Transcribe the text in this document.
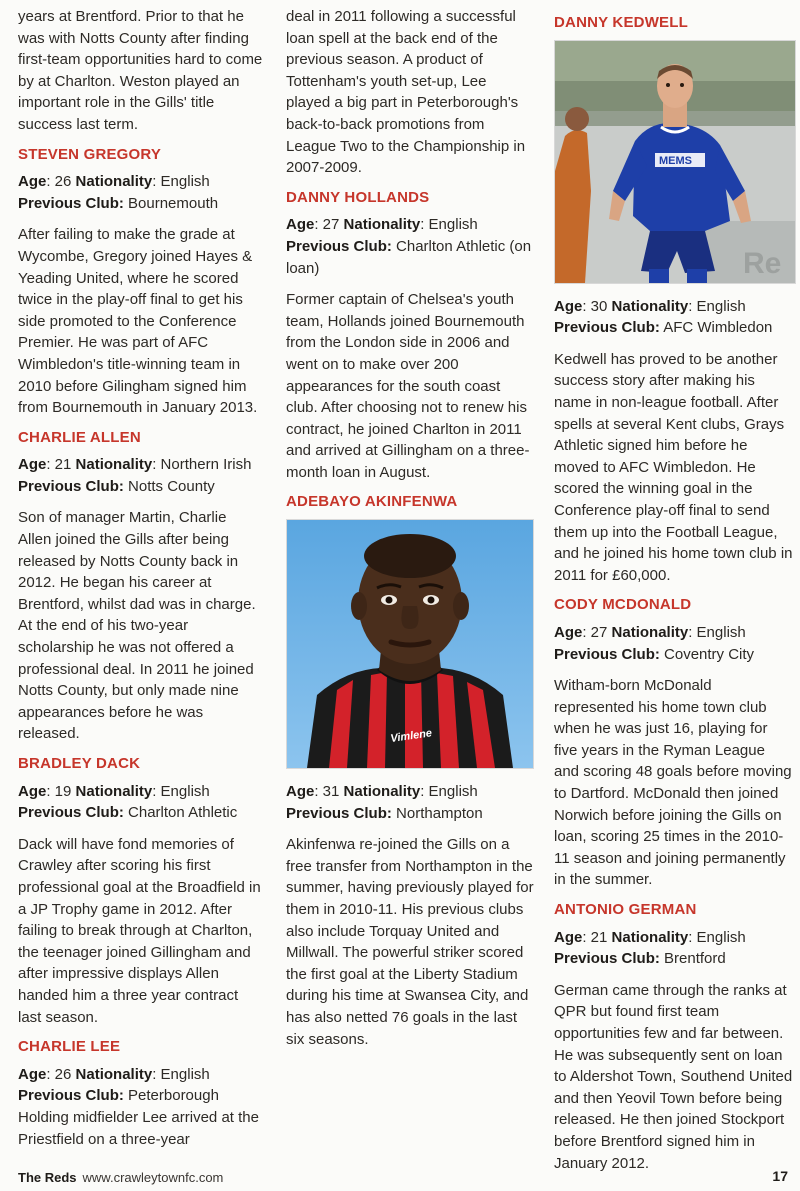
years at Brentford. Prior to that he was with Notts County after finding first-team opportunities hard to come by at Charlton. Weston played an important role in the Gills' title success last term.

STEVEN GREGORY

Age: 26 Nationality: English
Previous Club: Bournemouth

After failing to make the grade at Wycombe, Gregory joined Hayes & Yeading United, where he scored twice in the play-off final to get his side promoted to the Conference Premier. He was part of AFC Wimbledon's title-winning team in 2010 before Gilingham signed him from Bournemouth in January 2013.

CHARLIE ALLEN

Age: 21 Nationality: Northern Irish Previous Club: Notts County

Son of manager Martin, Charlie Allen joined the Gills after being released by Notts County back in 2012. He began his career at Brentford, whilst dad was in charge. At the end of his two-year scholarship he was not offered a professional deal. In 2011 he joined Notts County, but only made nine appearances before he was released.

BRADLEY DACK

Age: 19 Nationality: English
Previous Club: Charlton Athletic

Dack will have fond memories of Crawley after scoring his first professional goal at the Broadfield in a JP Trophy game in 2012. After failing to break through at Charlton, the teenager joined Gillingham and after impressive displays Allen handed him a three year contract last season.

CHARLIE LEE

Age: 26 Nationality: English
Previous Club: Peterborough

Holding midfielder Lee arrived at the Priestfield on a three-year

deal in 2011 following a successful loan spell at the back end of the previous season. A product of Tottenham's youth set-up, Lee played a big part in Peterborough's back-to-back promotions from League Two to the Championship in 2007-2009.

DANNY HOLLANDS

Age: 27 Nationality: English
Previous Club: Charlton Athletic (on loan)

Former captain of Chelsea's youth team, Hollands joined Bournemouth from the London side in 2006 and went on to make over 200 appearances for the south coast club. After choosing not to renew his contract, he joined Charlton in 2011 and arrived at Gillingham on a three-month loan in August.

ADEBAYO AKINFENWA

Vimlene

Age: 31 Nationality: English
Previous Club: Northampton

Akinfenwa re-joined the Gills on a free transfer from Northampton in the summer, having previously played for them in 2010-11. His previous clubs also include Torquay United and Millwall. The powerful striker scored the first goal at the Liberty Stadium during his time at Swansea City, and has also netted 76 goals in the last six seasons.

DANNY KEDWELL

Re
MEMS

Age: 30 Nationality: English
Previous Club: AFC Wimbledon

Kedwell has proved to be another success story after making his name in non-league football. After spells at several Kent clubs, Grays Athletic signed him before he moved to AFC Wimbledon. He scored the winning goal in the Conference play-off final to send them up into the Football League, and he joined his home town club in 2011 for £60,000.

CODY MCDONALD

Age: 27 Nationality: English
Previous Club: Coventry City

Witham-born McDonald represented his home town club when he was just 16, playing for five years in the Ryman League and scoring 48 goals before moving to Dartford. McDonald then joined Norwich before joining the Gills on loan, scoring 25 times in the 2010-11 season and joining permanently in the summer.

ANTONIO GERMAN

Age: 21 Nationality: English
Previous Club: Brentford

German came through the ranks at QPR but found first team opportunities few and far between. He was subsequently sent on loan to Aldershot Town, Southend United and then Yeovil Town before being released. He then joined Stockport before Brentford signed him in January 2012.

The Reds www.crawleytownfc.com	17
